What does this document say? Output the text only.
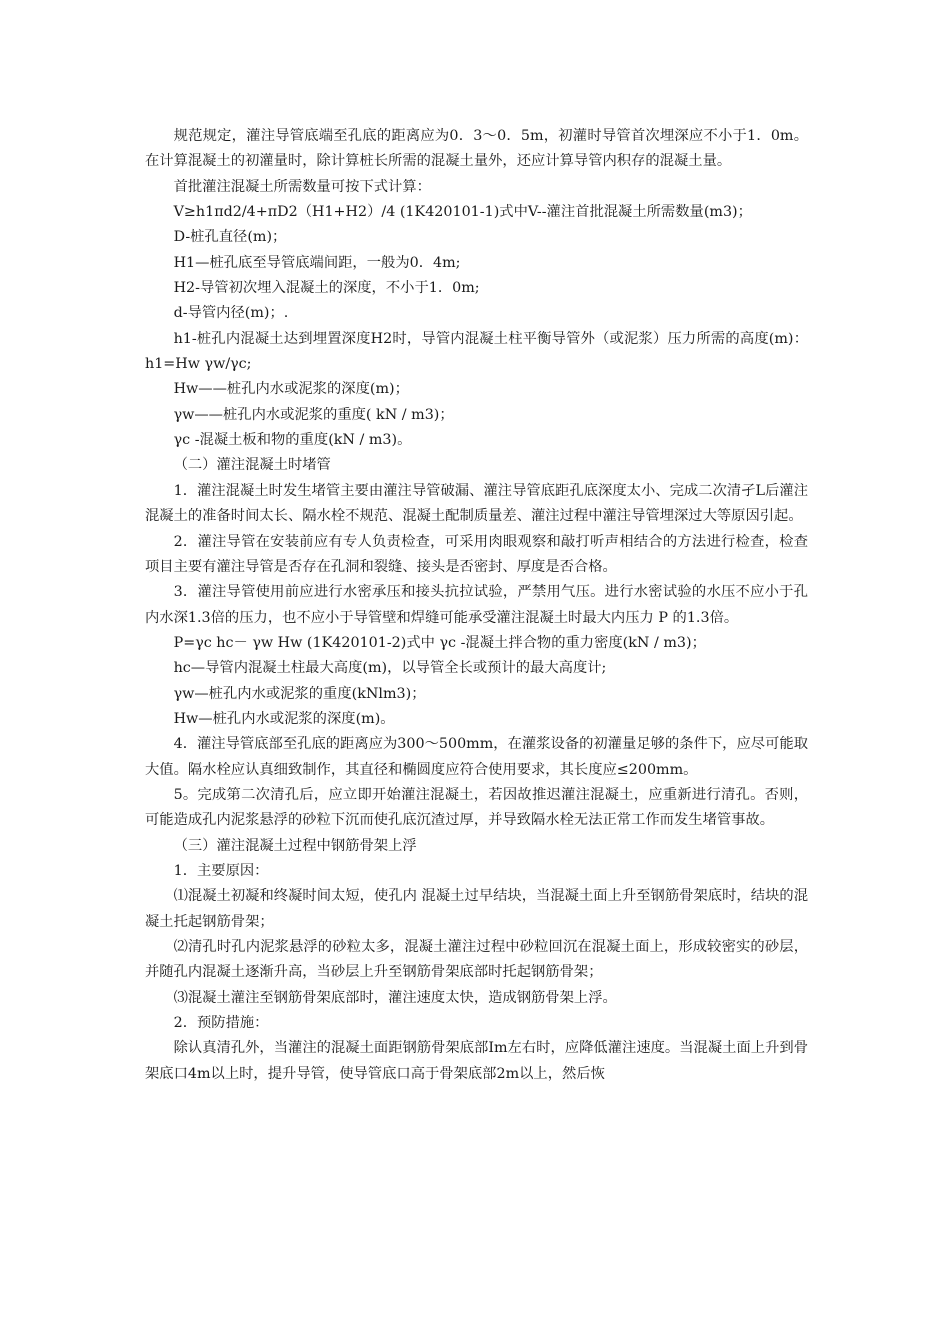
规范规定，灌注导管底端至孔底的距离应为0．3～0．5m，初灌时导管首次埋深应不小于1．0m。在计算混凝土的初灌量时，除计算桩长所需的混凝土量外，还应计算导管内积存的混凝土量。

首批灌注混凝土所需数量可按下式计算：

V≥h1πd2/4+πD2（H1+H2）/4 (1K420101-1)式中V--灌注首批混凝土所需数量(m3)；

D-桩孔直径(m)；

H1—桩孔底至导管底端间距，一般为0．4m;

H2-导管初次埋入混凝土的深度，不小于1．0m;

d-导管内径(m)；.

h1-桩孔内混凝土达到埋置深度H2时，导管内混凝土柱平衡导管外（或泥浆）压力所需的高度(m)：h1=Hw γw/γc;

Hw——桩孔内水或泥浆的深度(m)；

γw——桩孔内水或泥浆的重度( kN / m3)；

γc -混凝土板和物的重度(kN / m3)。

（二）灌注混凝土时堵管

1．灌注混凝土时发生堵管主要由灌注导管破漏、灌注导管底距孔底深度太小、完成二次清孑L后灌注混凝土的准备时间太长、隔水栓不规范、混凝土配制质量差、灌注过程中灌注导管埋深过大等原因引起。

2．灌注导管在安装前应有专人负责检查，可采用肉眼观察和敲打听声相结合的方法进行检查，检查项目主要有灌注导管是否存在孔洞和裂缝、接头是否密封、厚度是否合格。

3．灌注导管使用前应进行水密承压和接头抗拉试验，严禁用气压。进行水密试验的水压不应小于孔内水深1.3倍的压力，也不应小于导管壁和焊缝可能承受灌注混凝土时最大内压力 P 的1.3倍。

P=γc hc－ γw Hw (1K420101-2)式中 γc -混凝土拌合物的重力密度(kN / m3)；

hc—导管内混凝土柱最大高度(m)，以导管全长或预计的最大高度计;

γw—桩孔内水或泥浆的重度(kNlm3)；

Hw—桩孔内水或泥浆的深度(m)。

4．灌注导管底部至孔底的距离应为300～500mm，在灌浆设备的初灌量足够的条件下，应尽可能取大值。隔水栓应认真细致制作，其直径和椭圆度应符合使用要求，其长度应≤200mm。

5。完成第二次清孔后，应立即开始灌注混凝土，若因故推迟灌注混凝土，应重新进行清孔。否则，可能造成孔内泥浆悬浮的砂粒下沉而使孔底沉渣过厚，并导致隔水栓无法正常工作而发生堵管事故。

（三）灌注混凝土过程中钢筋骨架上浮

1．主要原因：

⑴混凝土初凝和终凝时间太短，使孔内 混凝土过早结块，当混凝土面上升至钢筋骨架底时，结块的混凝土托起钢筋骨架；

⑵清孔时孔内泥浆悬浮的砂粒太多，混凝土灌注过程中砂粒回沉在混凝土面上，形成较密实的砂层，并随孔内混凝土逐渐升高，当砂层上升至钢筋骨架底部时托起钢筋骨架；

⑶混凝土灌注至钢筋骨架底部时，灌注速度太快，造成钢筋骨架上浮。

2．预防措施：

除认真清孔外，当灌注的混凝土面距钢筋骨架底部Im左右时，应降低灌注速度。当混凝土面上升到骨架底口4m以上时，提升导管，使导管底口高于骨架底部2m以上，然后恢
